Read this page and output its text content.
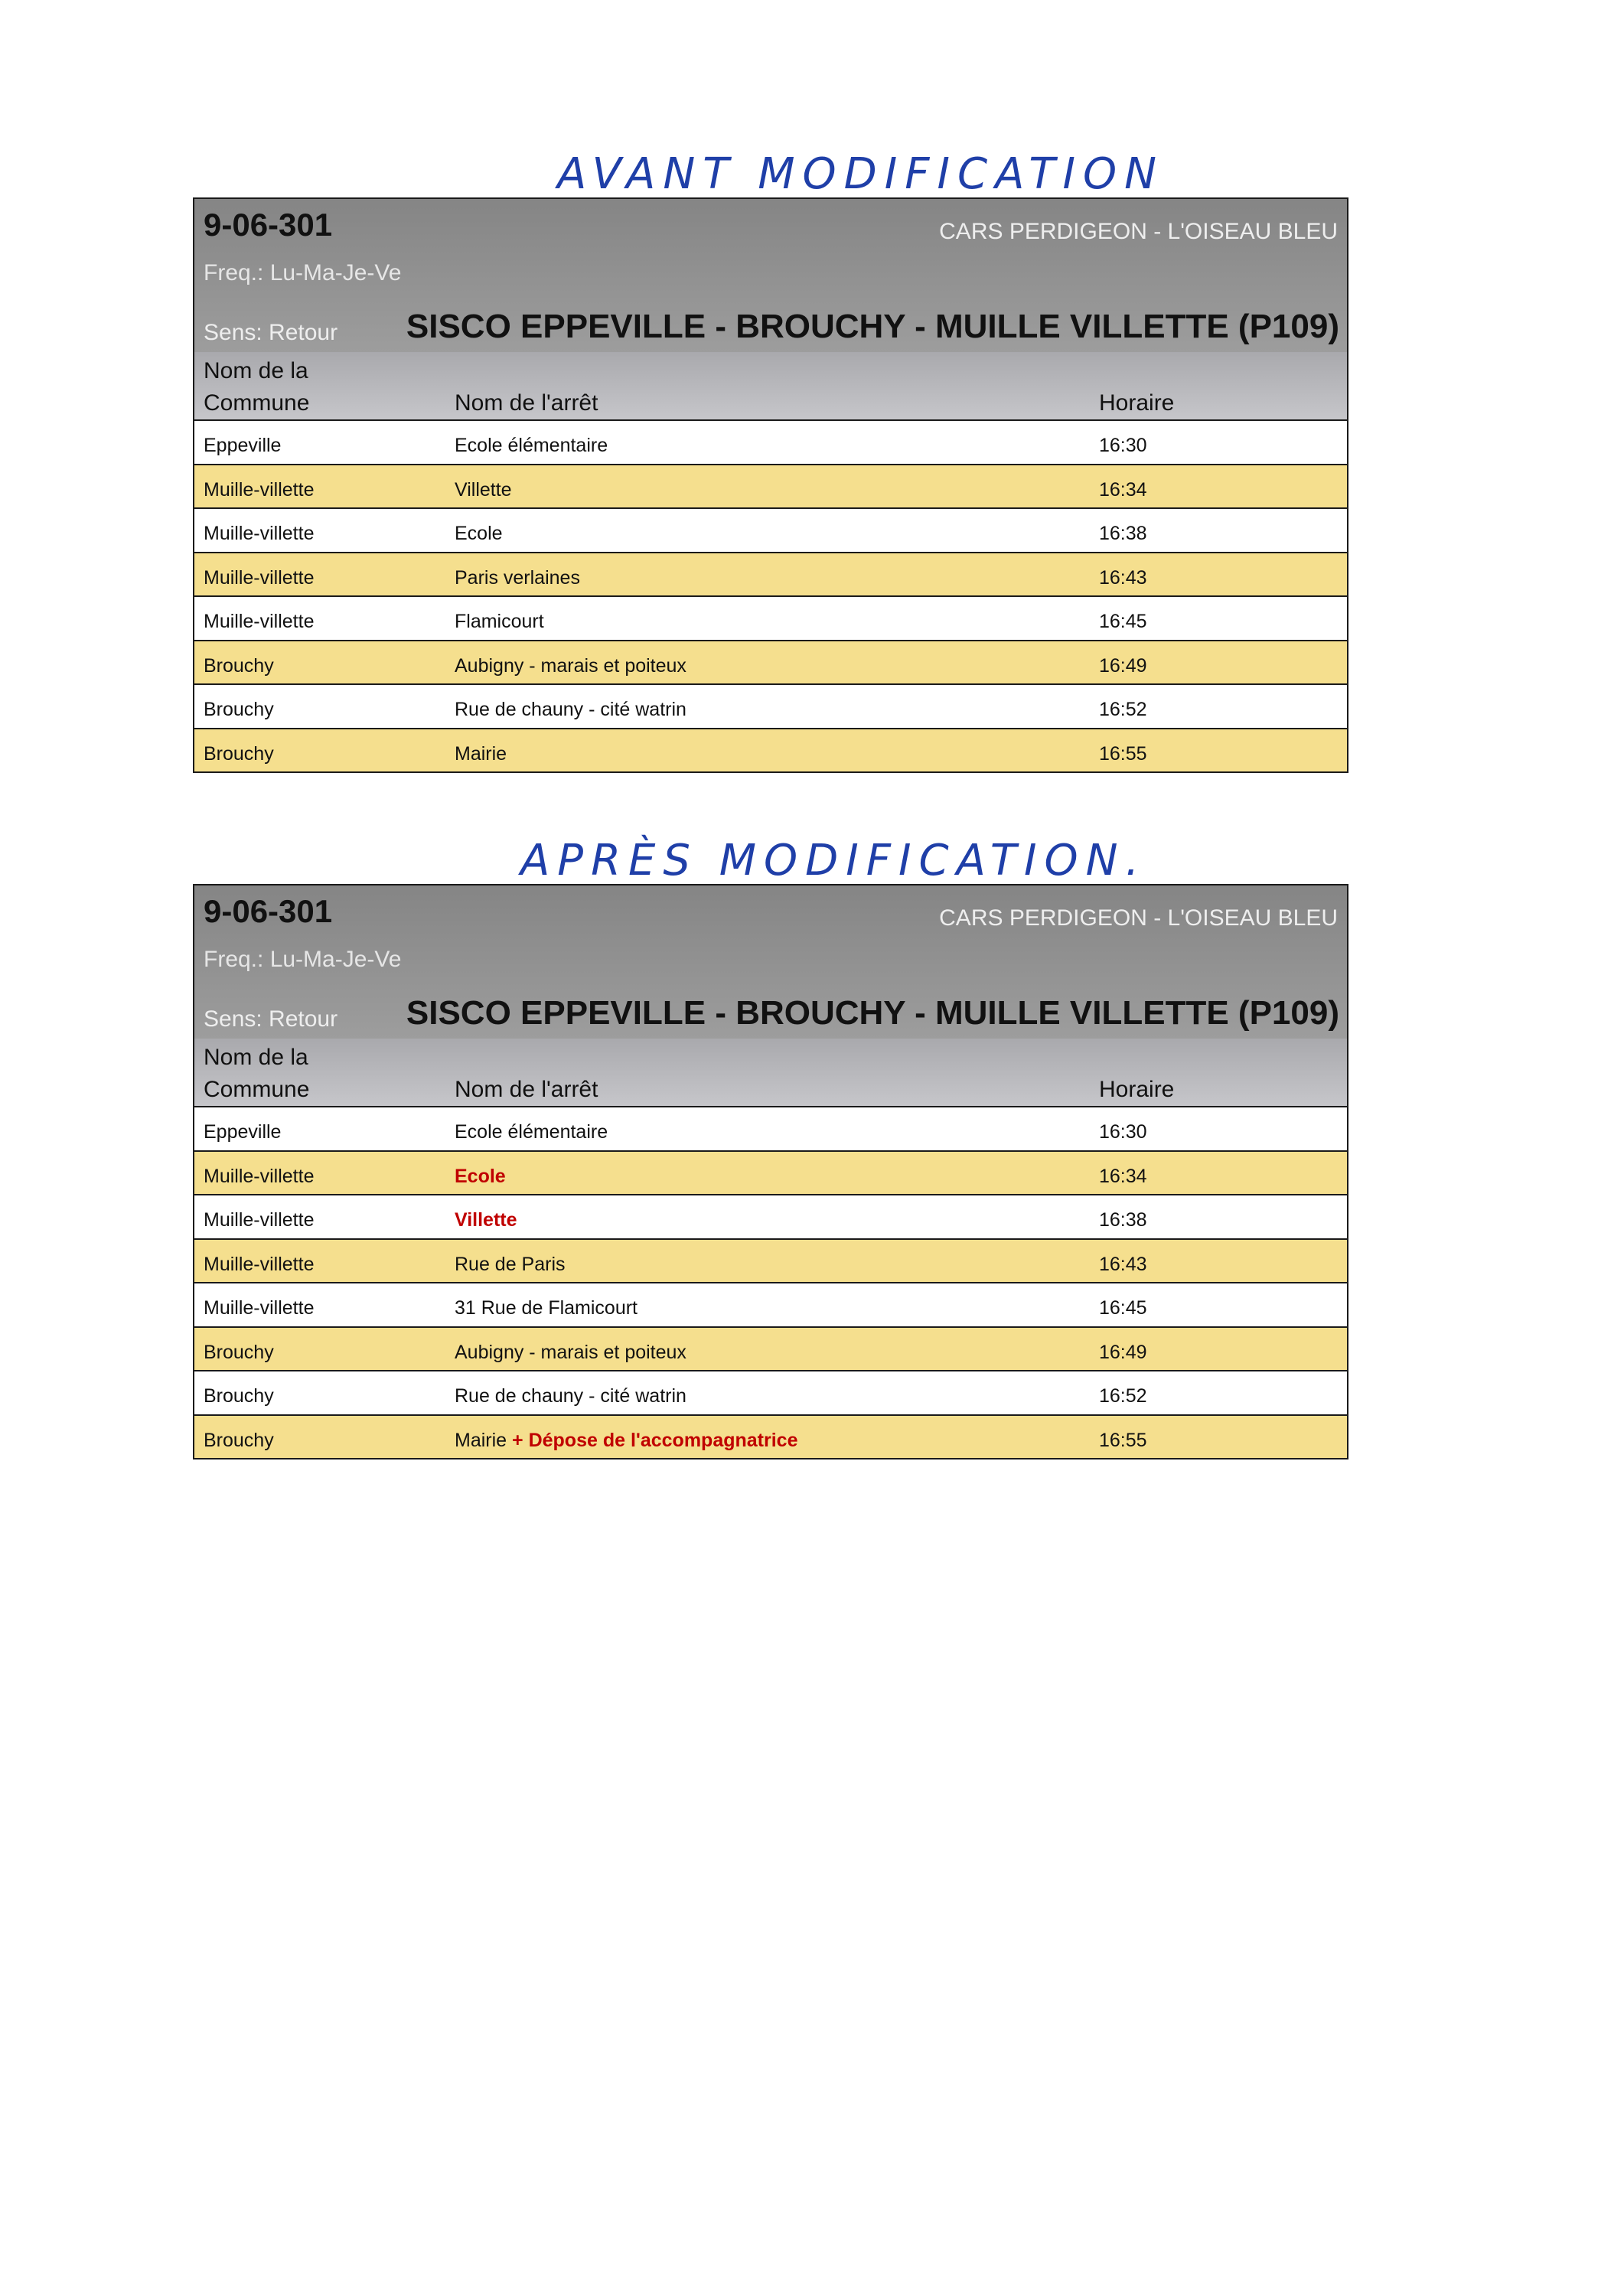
AVANT MODIFICATION
9-06-301	CARS PERDIGEON - L'OISEAU BLEU
Freq.: Lu-Ma-Je-Ve
Sens: Retour SISCO EPPEVILLE - BROUCHY - MUILLE VILLETTE (P109)
Nom de la Commune	Nom de l'arrêt	Horaire
Eppeville	Ecole élémentaire	16:30
Muille-villette	Villette	16:34
Muille-villette	Ecole	16:38
Muille-villette	Paris verlaines	16:43
Muille-villette	Flamicourt	16:45
Brouchy	Aubigny - marais et poiteux	16:49
Brouchy	Rue de chauny - cité watrin	16:52
Brouchy	Mairie	16:55
APRÈS MODIFICATION.
9-06-301	CARS PERDIGEON - L'OISEAU BLEU
Freq.: Lu-Ma-Je-Ve
Sens: Retour SISCO EPPEVILLE - BROUCHY - MUILLE VILLETTE (P109)
Nom de la Commune	Nom de l'arrêt	Horaire
Eppeville	Ecole élémentaire	16:30
Muille-villette	Ecole	16:34
Muille-villette	Villette	16:38
Muille-villette	Rue de Paris	16:43
Muille-villette	31 Rue de Flamicourt	16:45
Brouchy	Aubigny - marais et poiteux	16:49
Brouchy	Rue de chauny - cité watrin	16:52
Brouchy	Mairie + Dépose de l'accompagnatrice	16:55
